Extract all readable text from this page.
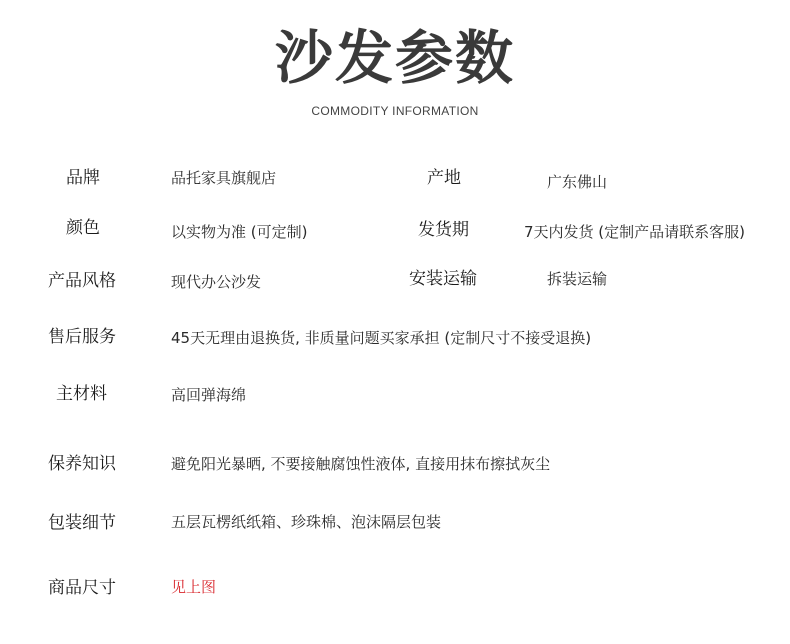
沙发参数
COMMODITY INFORMATION
品牌	品托家具旗舰店	产地	广东佛山
颜色	以实物为准 (可定制)	发货期	7天内发货 (定制产品请联系客服)
产品风格	现代办公沙发	安装运输	拆装运输
售后服务	45天无理由退换货, 非质量问题买家承担 (定制尺寸不接受退换)
主材料	高回弹海绵
保养知识	避免阳光暴晒, 不要接触腐蚀性液体, 直接用抹布擦拭灰尘
包装细节	五层瓦楞纸纸箱、珍珠棉、泡沫隔层包装
商品尺寸	见上图
